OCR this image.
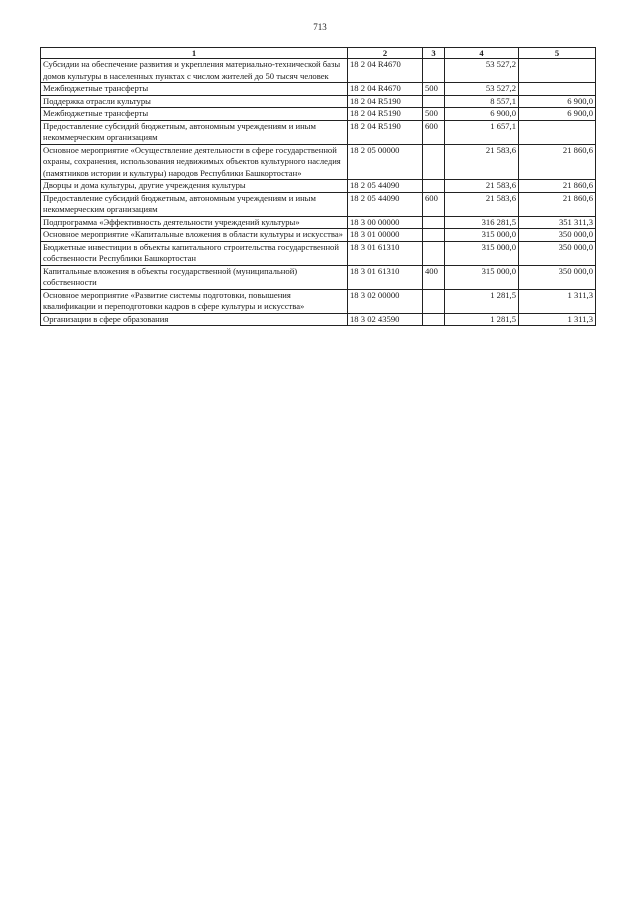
713
1	2	3	4	5
Субсидии на обеспечение развития и укрепления материально-технической базы домов культуры в населенных пунктах с числом жителей до 50 тысяч человек	18 2 04 R4670		53 527,2	
Межбюджетные трансферты	18 2 04 R4670	500	53 527,2	
Поддержка отрасли культуры	18 2 04 R5190		8 557,1	6 900,0
Межбюджетные трансферты	18 2 04 R5190	500	6 900,0	6 900,0
Предоставление субсидий бюджетным, автономным учреждениям и иным некоммерческим организациям	18 2 04 R5190	600	1 657,1	
Основное мероприятие «Осуществление деятельности в сфере государственной охраны, сохранения, использования недвижимых объектов культурного наследия (памятников истории и культуры) народов Республики Башкортостан»	18 2 05 00000		21 583,6	21 860,6
Дворцы и дома культуры, другие учреждения культуры	18 2 05 44090		21 583,6	21 860,6
Предоставление субсидий бюджетным, автономным учреждениям и иным некоммерческим организациям	18 2 05 44090	600	21 583,6	21 860,6
Подпрограмма «Эффективность деятельности учреждений культуры»	18 3 00 00000		316 281,5	351 311,3
Основное мероприятие «Капитальные вложения в области культуры и искусства»	18 3 01 00000		315 000,0	350 000,0
Бюджетные инвестиции в объекты капитального строительства государственной собственности Республики Башкортостан	18 3 01 61310		315 000,0	350 000,0
Капитальные вложения в объекты государственной (муниципальной) собственности	18 3 01 61310	400	315 000,0	350 000,0
Основное мероприятие «Развитие системы подготовки, повышения квалификации и переподготовки кадров в сфере культуры и искусства»	18 3 02 00000		1 281,5	1 311,3
Организации в сфере образования	18 3 02 43590		1 281,5	1 311,3
